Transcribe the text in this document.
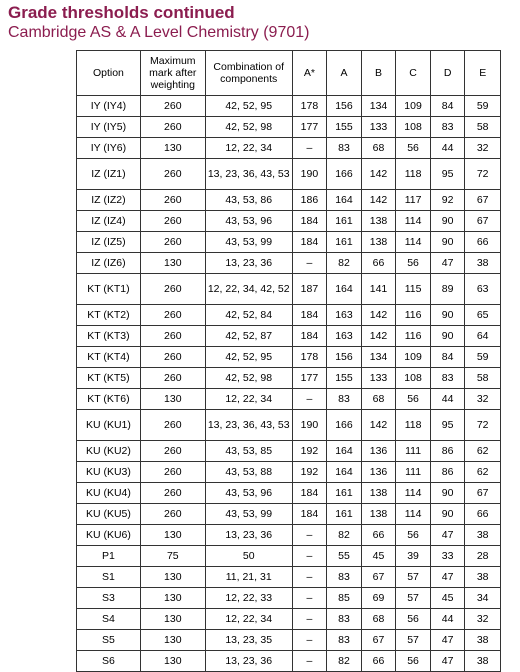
Grade thresholds continued
Cambridge AS & A Level Chemistry (9701)
Option	Maximum mark after weighting	Combination of components	A*	A	B	C	D	E
IY (IY4)	260	42, 52, 95	178	156	134	109	84	59
IY (IY5)	260	42, 52, 98	177	155	133	108	83	58
IY (IY6)	130	12, 22, 34	–	83	68	56	44	32
IZ (IZ1)	260	13, 23, 36, 43, 53	190	166	142	118	95	72
IZ (IZ2)	260	43, 53, 86	186	164	142	117	92	67
IZ (IZ4)	260	43, 53, 96	184	161	138	114	90	67
IZ (IZ5)	260	43, 53, 99	184	161	138	114	90	66
IZ (IZ6)	130	13, 23, 36	–	82	66	56	47	38
KT (KT1)	260	12, 22, 34, 42, 52	187	164	141	115	89	63
KT (KT2)	260	42, 52, 84	184	163	142	116	90	65
KT (KT3)	260	42, 52, 87	184	163	142	116	90	64
KT (KT4)	260	42, 52, 95	178	156	134	109	84	59
KT (KT5)	260	42, 52, 98	177	155	133	108	83	58
KT (KT6)	130	12, 22, 34	–	83	68	56	44	32
KU (KU1)	260	13, 23, 36, 43, 53	190	166	142	118	95	72
KU (KU2)	260	43, 53, 85	192	164	136	111	86	62
KU (KU3)	260	43, 53, 88	192	164	136	111	86	62
KU (KU4)	260	43, 53, 96	184	161	138	114	90	67
KU (KU5)	260	43, 53, 99	184	161	138	114	90	66
KU (KU6)	130	13, 23, 36	–	82	66	56	47	38
P1	75	50	–	55	45	39	33	28
S1	130	11, 21, 31	–	83	67	57	47	38
S3	130	12, 22, 33	–	85	69	57	45	34
S4	130	12, 22, 34	–	83	68	56	44	32
S5	130	13, 23, 35	–	83	67	57	47	38
S6	130	13, 23, 36	–	82	66	56	47	38
